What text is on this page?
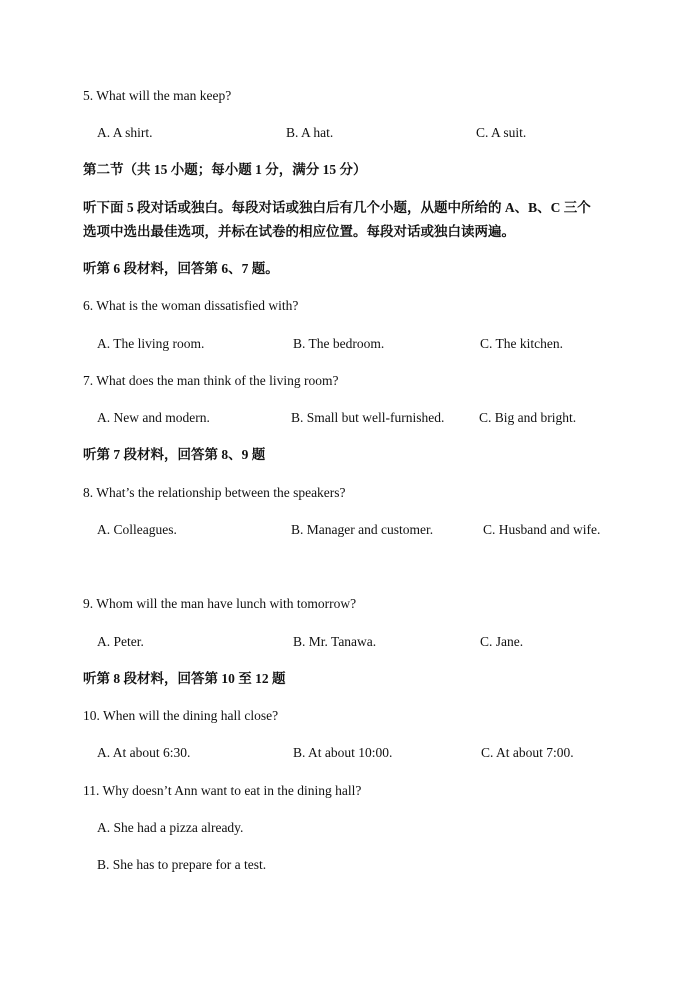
5. What will the man keep?
A. A shirt.	B. A hat.	C. A suit.
第二节（共 15 小题；每小题 1 分，满分 15 分）
听下面 5 段对话或独白。每段对话或独白后有几个小题，从题中所给的 A、B、C 三个
选项中选出最佳选项，并标在试卷的相应位置。每段对话或独白读两遍。
听第 6 段材料，回答第 6、7 题。
6. What is the woman dissatisfied with?
A. The living room.	B. The bedroom.	C. The kitchen.
7. What does the man think of the living room?
A. New and modern.	B. Small but well-furnished.	C. Big and bright.
听第 7 段材料，回答第 8、9 题
8. What’s the relationship between the speakers?
A. Colleagues.	B. Manager and customer.	C. Husband and wife.
9. Whom will the man have lunch with tomorrow?
A. Peter.	B. Mr. Tanawa.	C. Jane.
听第 8 段材料，回答第 10 至 12 题
10. When will the dining hall close?
A. At about 6:30.	B. At about 10:00.	C. At about 7:00.
11. Why doesn’t Ann want to eat in the dining hall?
A. She had a pizza already.
B. She has to prepare for a test.
